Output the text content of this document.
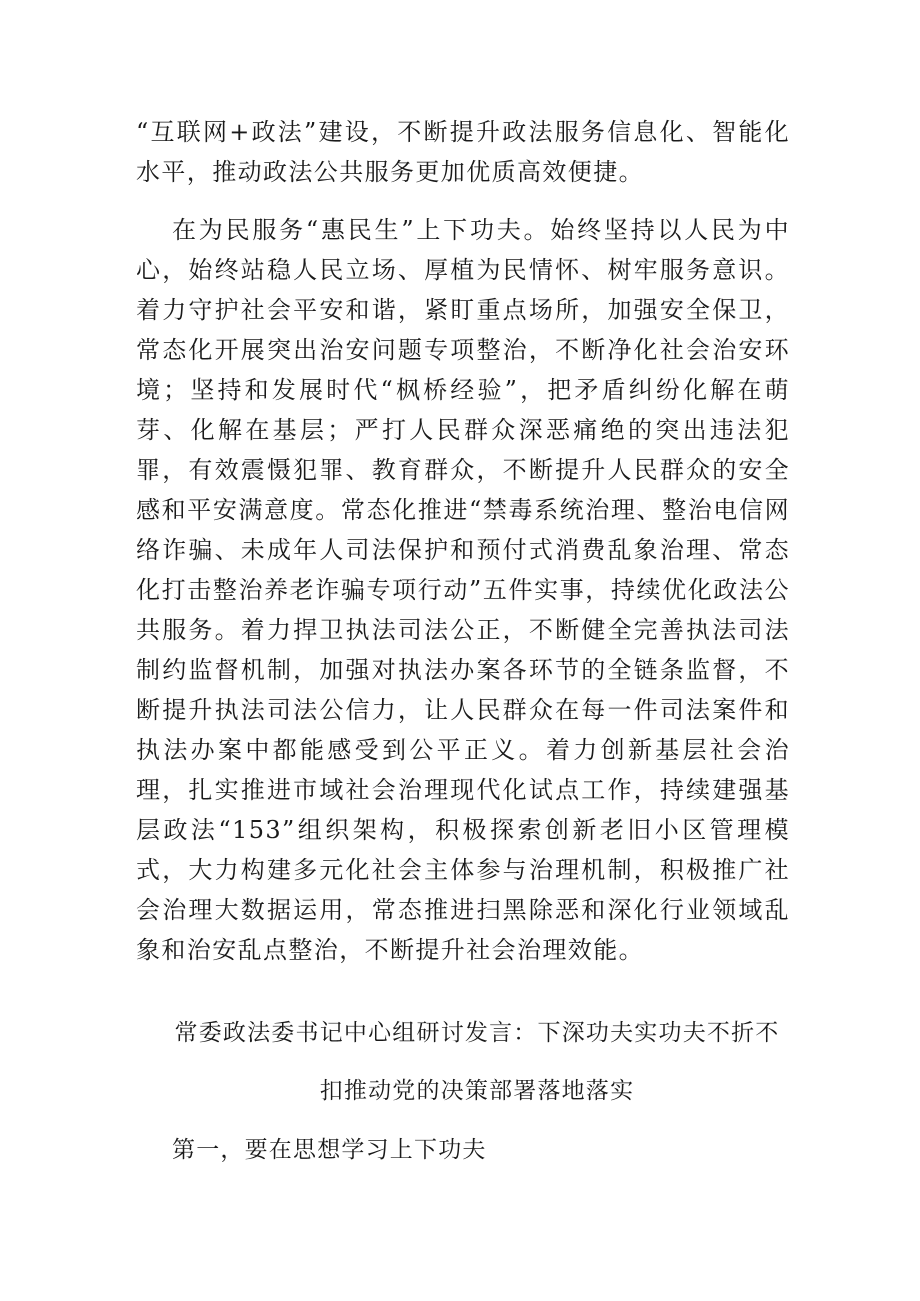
“互联网+政法”建设，不断提升政法服务信息化、智能化水平，推动政法公共服务更加优质高效便捷。

在为民服务“惠民生”上下功夫。始终坚持以人民为中心，始终站稳人民立场、厚植为民情怀、树牢服务意识。着力守护社会平安和谐，紧盯重点场所，加强安全保卫，常态化开展突出治安问题专项整治，不断净化社会治安环境；坚持和发展时代“枫桥经验”，把矛盾纠纷化解在萌芽、化解在基层；严打人民群众深恶痛绝的突出违法犯罪，有效震慑犯罪、教育群众，不断提升人民群众的安全感和平安满意度。常态化推进“禁毒系统治理、整治电信网络诈骗、未成年人司法保护和预付式消费乱象治理、常态化打击整治养老诈骗专项行动”五件实事，持续优化政法公共服务。着力捍卫执法司法公正，不断健全完善执法司法制约监督机制，加强对执法办案各环节的全链条监督，不断提升执法司法公信力，让人民群众在每一件司法案件和执法办案中都能感受到公平正义。着力创新基层社会治理，扎实推进市域社会治理现代化试点工作，持续建强基层政法“153”组织架构，积极探索创新老旧小区管理模式，大力构建多元化社会主体参与治理机制，积极推广社会治理大数据运用，常态推进扫黑除恶和深化行业领域乱象和治安乱点整治，不断提升社会治理效能。

常委政法委书记中心组研讨发言：下深功夫实功夫不折不扣推动党的决策部署落地落实

第一，要在思想学习上下功夫
